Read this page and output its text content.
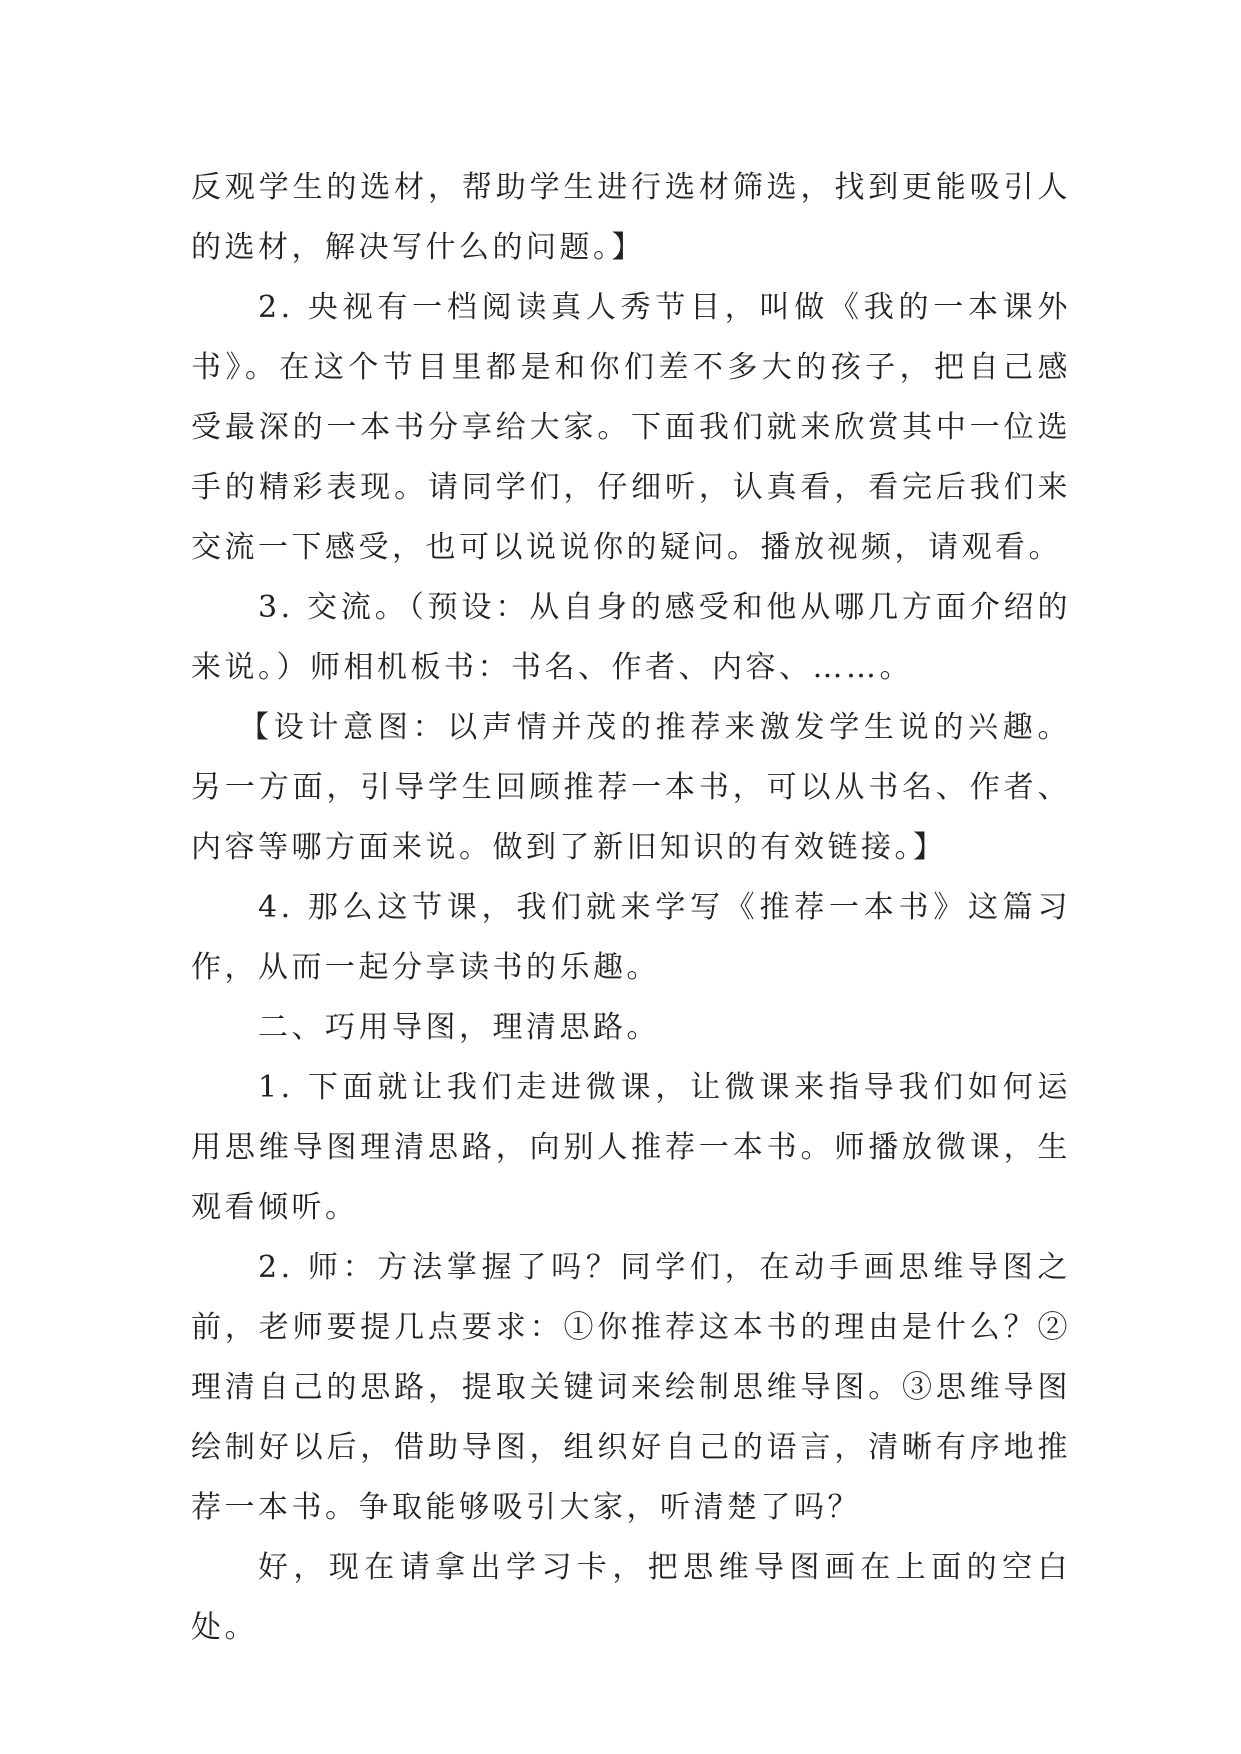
反观学生的选材，帮助学生进行选材筛选，找到更能吸引人的选材，解决写什么的问题。】

2. 央视有一档阅读真人秀节目，叫做《我的一本课外书》。在这个节目里都是和你们差不多大的孩子，把自己感受最深的一本书分享给大家。下面我们就来欣赏其中一位选手的精彩表现。请同学们，仔细听，认真看，看完后我们来交流一下感受，也可以说说你的疑问。播放视频，请观看。

3. 交流。（预设：从自身的感受和他从哪几方面介绍的来说。）师相机板书：书名、作者、内容、……。

【设计意图：以声情并茂的推荐来激发学生说的兴趣。另一方面，引导学生回顾推荐一本书，可以从书名、作者、内容等哪方面来说。做到了新旧知识的有效链接。】

4. 那么这节课，我们就来学写《推荐一本书》这篇习作，从而一起分享读书的乐趣。

二、巧用导图，理清思路。

1. 下面就让我们走进微课，让微课来指导我们如何运用思维导图理清思路，向别人推荐一本书。师播放微课，生观看倾听。

2. 师：方法掌握了吗？同学们，在动手画思维导图之前，老师要提几点要求：①你推荐这本书的理由是什么？②理清自己的思路，提取关键词来绘制思维导图。③思维导图绘制好以后，借助导图，组织好自己的语言，清晰有序地推荐一本书。争取能够吸引大家，听清楚了吗？

好，现在请拿出学习卡，把思维导图画在上面的空白处。
